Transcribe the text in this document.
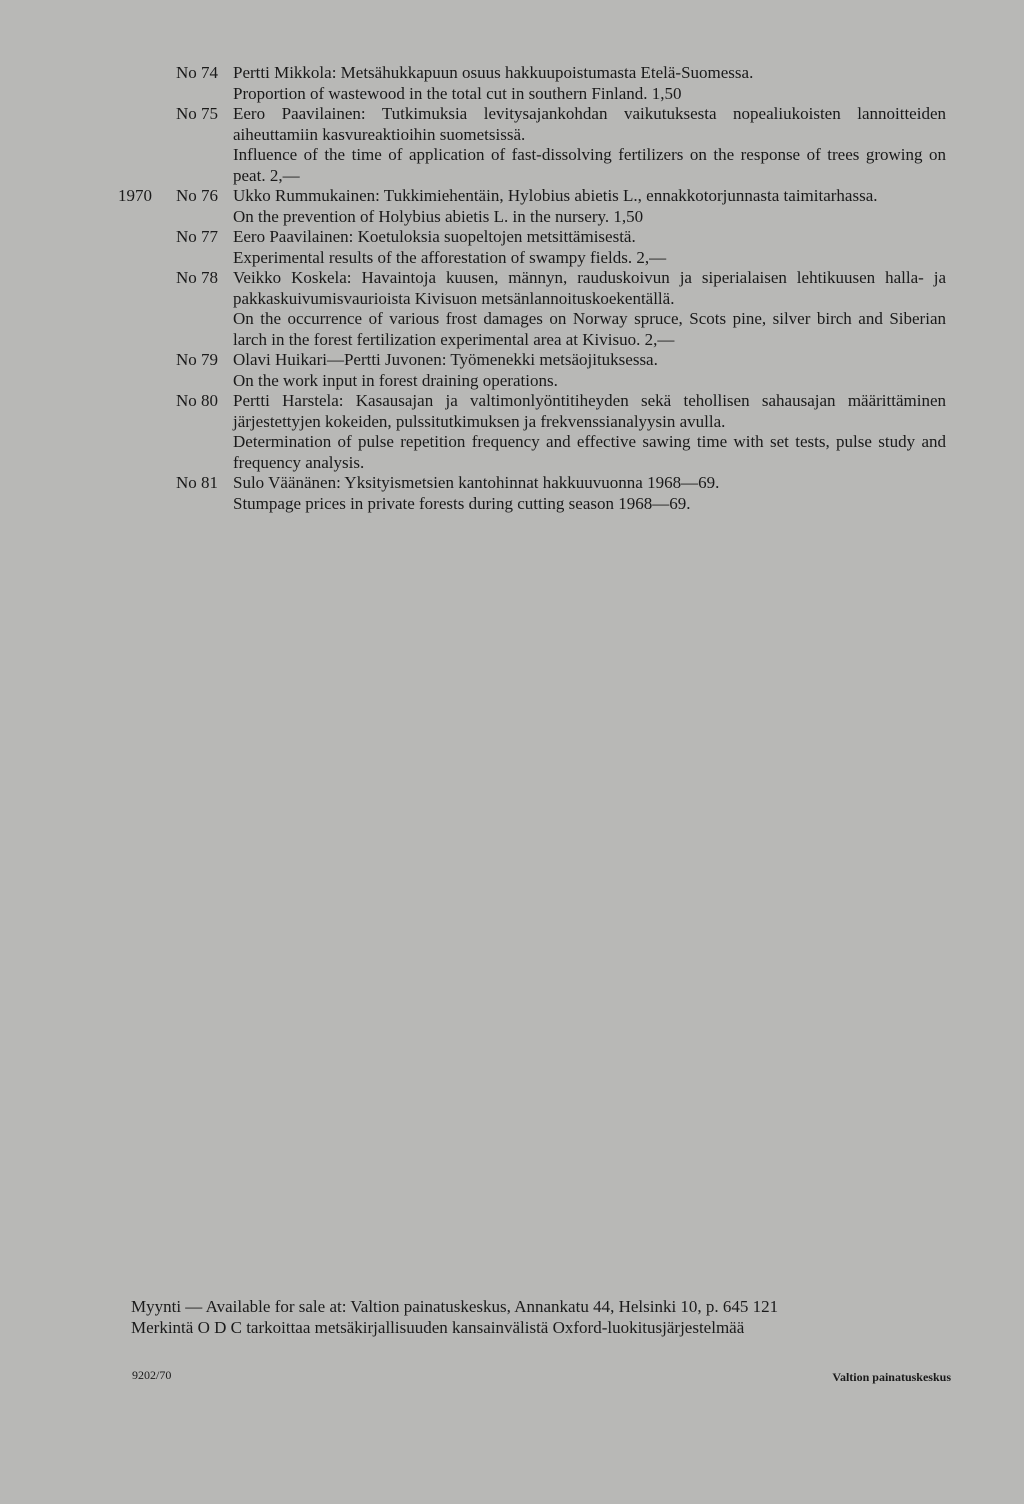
No 74 Pertti Mikkola: Metsähukkapuun osuus hakkuupoistumasta Etelä-Suomessa.

Proportion of wastewood in the total cut in southern Finland. 1,50

No 75 Eero Paavilainen: Tutkimuksia levitysajankohdan vaikutuksesta nopealiukoisten lannoitteiden aiheuttamiin kasvureaktioihin suometsissä.

Influence of the time of application of fast-dissolving fertilizers on the response of trees growing on peat. 2,—

1970 No 76 Ukko Rummukainen: Tukkimiehentäin, Hylobius abietis L., ennakkotorjunnasta taimitarhassa.

On the prevention of Holybius abietis L. in the nursery. 1,50

No 77 Eero Paavilainen: Koetuloksia suopeltojen metsittämisestä.

Experimental results of the afforestation of swampy fields. 2,—

No 78 Veikko Koskela: Havaintoja kuusen, männyn, rauduskoivun ja siperialaisen lehtikuusen halla- ja pakkaskuivumisvaurioista Kivisuon metsänlannoituskoekentällä.

On the occurrence of various frost damages on Norway spruce, Scots pine, silver birch and Siberian larch in the forest fertilization experimental area at Kivisuo. 2,—

No 79 Olavi Huikari—Pertti Juvonen: Työmenekki metsäojituksessa.

On the work input in forest draining operations.

No 80 Pertti Harstela: Kasausajan ja valtimonlyöntitiheyden sekä tehollisen sahausajan määrittäminen järjestettyjen kokeiden, pulssitutkimuksen ja frekvenssianalyysin avulla.

Determination of pulse repetition frequency and effective sawing time with set tests, pulse study and frequency analysis.

No 81 Sulo Väänänen: Yksityismetsien kantohinnat hakkuuvuonna 1968—69.

Stumpage prices in private forests during cutting season 1968—69.

Myynti — Available for sale at: Valtion painatuskeskus, Annankatu 44, Helsinki 10, p. 645 121

Merkintä O D C tarkoittaa metsäkirjallisuuden kansainvälistä Oxford-luokitusjärjestelmää

9202/70	Valtion painatuskeskus
